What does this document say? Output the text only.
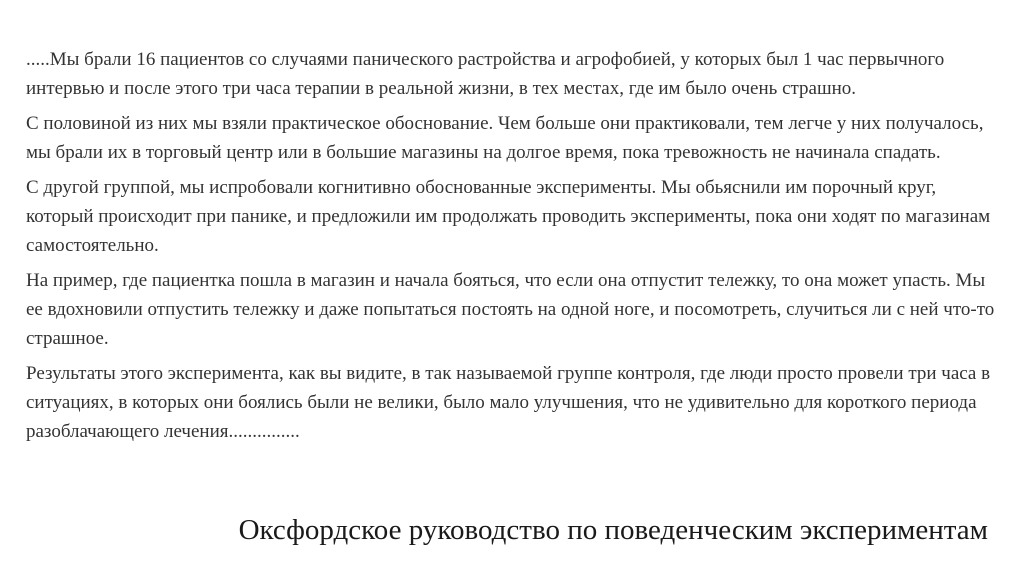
.....Мы брали 16 пациентов со случаями панического растройства и агрофобией, у которых был 1 час первычного интервью и после этого три часа терапии в реальной жизни, в тех местах, где им было очень страшно.

С половиной из них мы взяли практическое обоснование. Чем больше они практиковали, тем легче у них получалось, мы брали их в торговый центр или в большие магазины на долгое время, пока тревожность не начинала спадать.

С другой группой, мы испробовали когнитивно обоснованные эксперименты. Мы обьяснили им порочный круг, который происходит при панике, и предложили им продолжать проводить эксперименты, пока они ходят по магазинам самостоятельно.

На пример, где пациентка пошла в магазин и начала бояться, что если она отпустит тележку, то она может упасть. Мы ее вдохновили отпустить тележку и даже попытаться постоять на одной ноге, и посомотреть, случиться ли с ней что-то страшное.

Результаты этого эксперимента, как вы видите, в так называемой группе контроля, где люди просто провели три часа в ситуациях, в которых они боялись были не велики, было мало улучшения, что не удивительно для короткого периода разоблачающего лечения...............

Оксфордское руководство по поведенческим экспериментам
